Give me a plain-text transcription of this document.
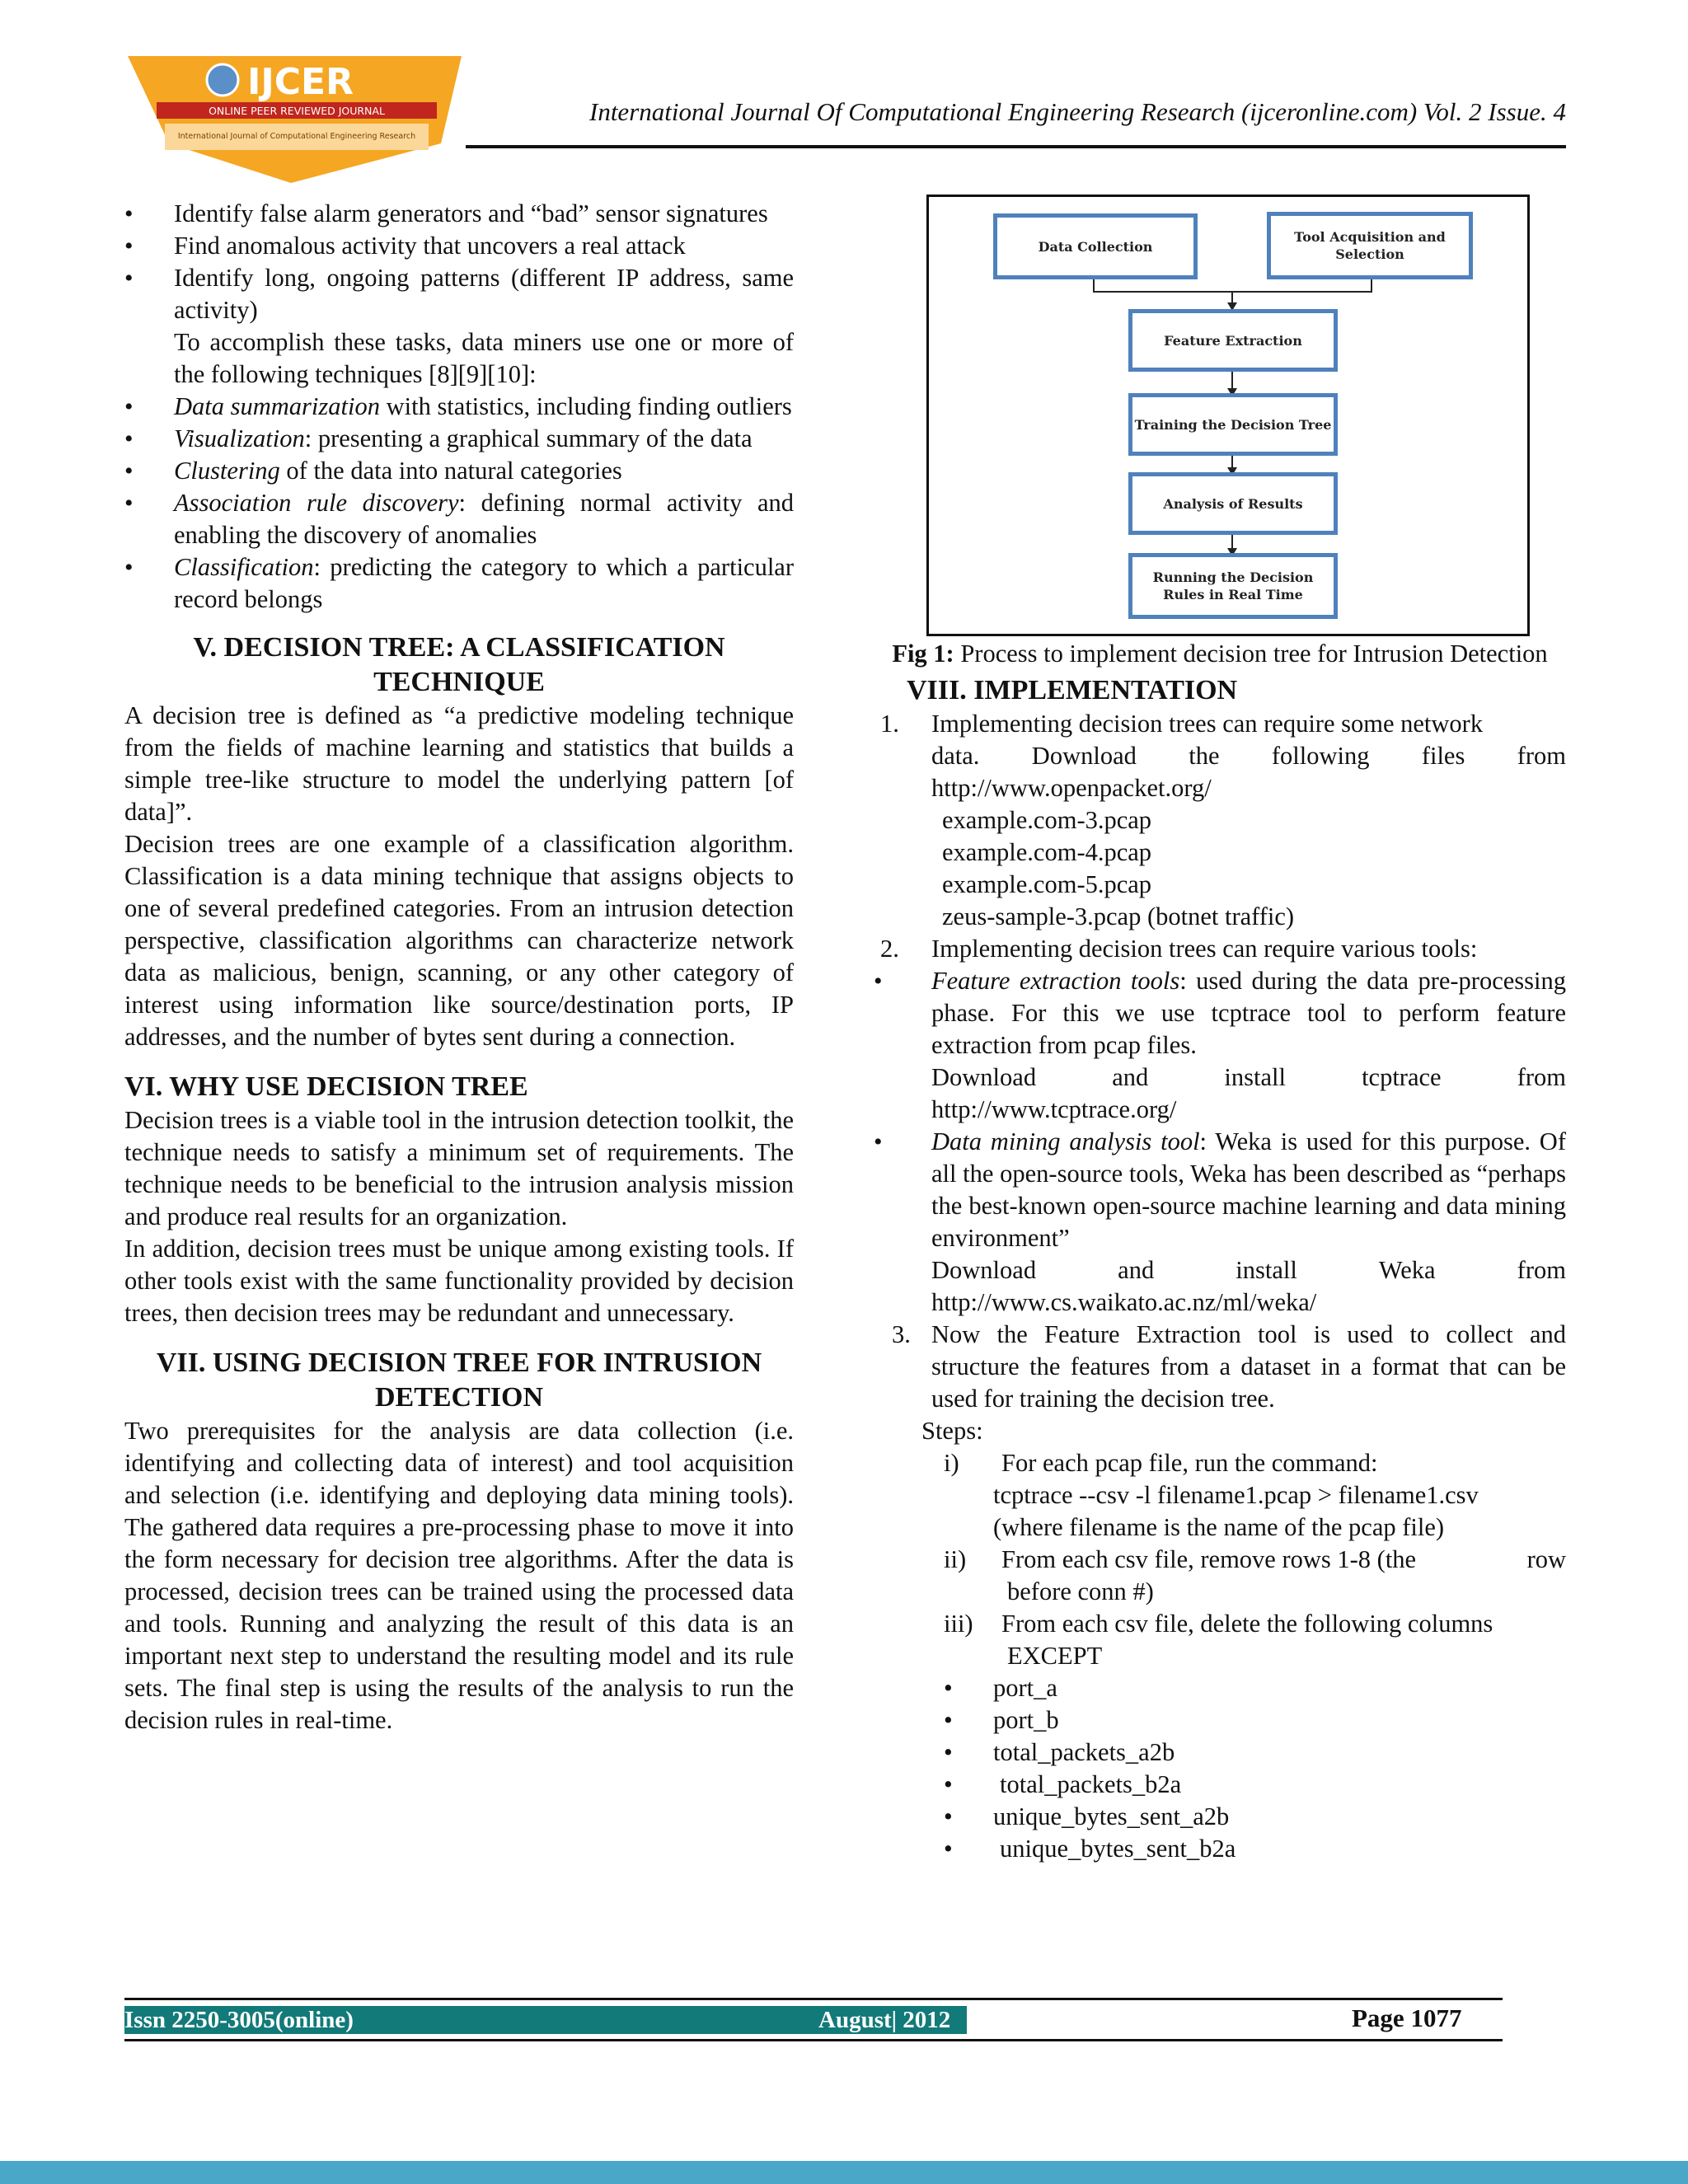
IJCER
ONLINE PEER REVIEWED JOURNAL
International Journal of Computational Engineering Research
International Journal Of Computational Engineering Research (ijceronline.com) Vol. 2 Issue. 4
• Identify false alarm generators and “bad” sensor signatures
• Find anomalous activity that uncovers a real attack
• Identify long, ongoing patterns (different IP address, same activity)
To accomplish these tasks, data miners use one or more of the following techniques [8][9][10]:
• Data summarization with statistics, including finding outliers
• Visualization: presenting a graphical summary of the data
• Clustering of the data into natural categories
• Association rule discovery: defining normal activity and enabling the discovery of anomalies
• Classification: predicting the category to which a particular record belongs
V. DECISION TREE: A CLASSIFICATION TECHNIQUE
A decision tree is defined as “a predictive modeling technique from the fields of machine learning and statistics that builds a simple tree-like structure to model the underlying pattern [of data]”.
Decision trees are one example of a classification algorithm. Classification is a data mining technique that assigns objects to one of several predefined categories. From an intrusion detection perspective, classification algorithms can characterize network data as malicious, benign, scanning, or any other category of interest using information like source/destination ports, IP addresses, and the number of bytes sent during a connection.
VI. WHY USE DECISION TREE
Decision trees is a viable tool in the intrusion detection toolkit, the technique needs to satisfy a minimum set of requirements. The technique needs to be beneficial to the intrusion analysis mission and produce real results for an organization.
In addition, decision trees must be unique among existing tools. If other tools exist with the same functionality provided by decision trees, then decision trees may be redundant and unnecessary.
VII. USING DECISION TREE FOR INTRUSION DETECTION
Two prerequisites for the analysis are data collection (i.e. identifying and collecting data of interest) and tool acquisition and selection (i.e. identifying and deploying data mining tools). The gathered data requires a pre-processing phase to move it into the form necessary for decision tree algorithms. After the data is processed, decision trees can be trained using the processed data and tools. Running and analyzing the result of this data is an important next step to understand the resulting model and its rule sets. The final step is using the results of the analysis to run the decision rules in real-time.
Data Collection
Tool Acquisition and Selection
Feature Extraction
Training the Decision Tree
Analysis of Results
Running the Decision Rules in Real Time
Fig 1: Process to implement decision tree for Intrusion Detection
VIII. IMPLEMENTATION
1. Implementing decision trees can require some network
data. Download the following files from
http://www.openpacket.org/
example.com-3.pcap
example.com-4.pcap
example.com-5.pcap
zeus-sample-3.pcap (botnet traffic)
2. Implementing decision trees can require various tools:
• Feature extraction tools: used during the data pre-processing phase. For this we use tcptrace tool to perform feature extraction from pcap files.
Download	and	install	tcptrace	from
http://www.tcptrace.org/
• Data mining analysis tool: Weka is used for this purpose. Of all the open-source tools, Weka has been described as “perhaps the best-known open-source machine learning and data mining environment”
Download	and	install	Weka	from
http://www.cs.waikato.ac.nz/ml/weka/
3. Now the Feature Extraction tool is used to collect and structure the features from a dataset in a format that can be used for training the decision tree.
Steps:
i) For each pcap file, run the command:
tcptrace --csv -l filename1.pcap > filename1.csv
(where filename is the name of the pcap file)
ii) From each csv file, remove rows 1-8 (the	row
before conn #)
iii) From each csv file, delete the following columns
EXCEPT
• port_a
• port_b
• total_packets_a2b
• total_packets_b2a
• unique_bytes_sent_a2b
• unique_bytes_sent_b2a
Issn 2250-3005(online)	August| 2012	Page 1077
